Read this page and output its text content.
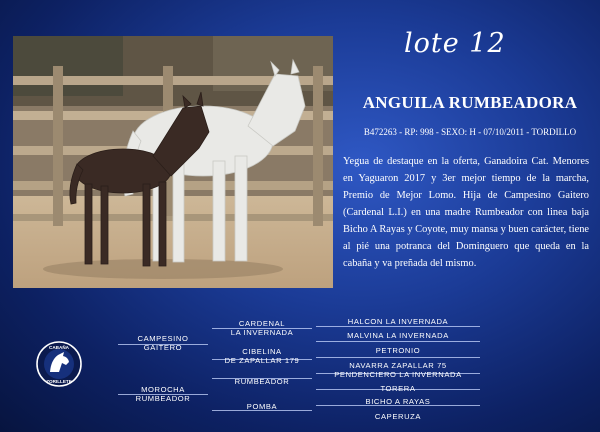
lote 12
ANGUILA RUMBEADORA
B472263 - RP: 998 - SEXO: H - 07/10/2011 - TORDILLO
Yegua de destaque en la oferta, Ganadoira Cat. Menores en Yaguaron 2017 y 3er mejor tiempo de la marcha, Premio de Mejor Lomo. Hija de Campesino Gaitero (Cardenal L.I.) en una madre Rumbeador con linea baja Bicho A Rayas y Coyote, muy mansa y buen carácter, tiene al pié una potranca del Dominguero que queda en la cabaña y va preñada del mismo.
CABAÑA
ZORILLETE
CAMPESINO
GAITERO
MOROCHA
RUMBEADOR
CARDENAL
LA INVERNADA
CIBELINA
DE ZAPALLAR 179
RUMBEADOR
POMBA
HALCON LA INVERNADA
MALVINA LA INVERNADA
PETRONIO
NAVARRA ZAPALLAR 75
PENDENCIERO LA INVERNADA
TORERA
BICHO A RAYAS
CAPERUZA
